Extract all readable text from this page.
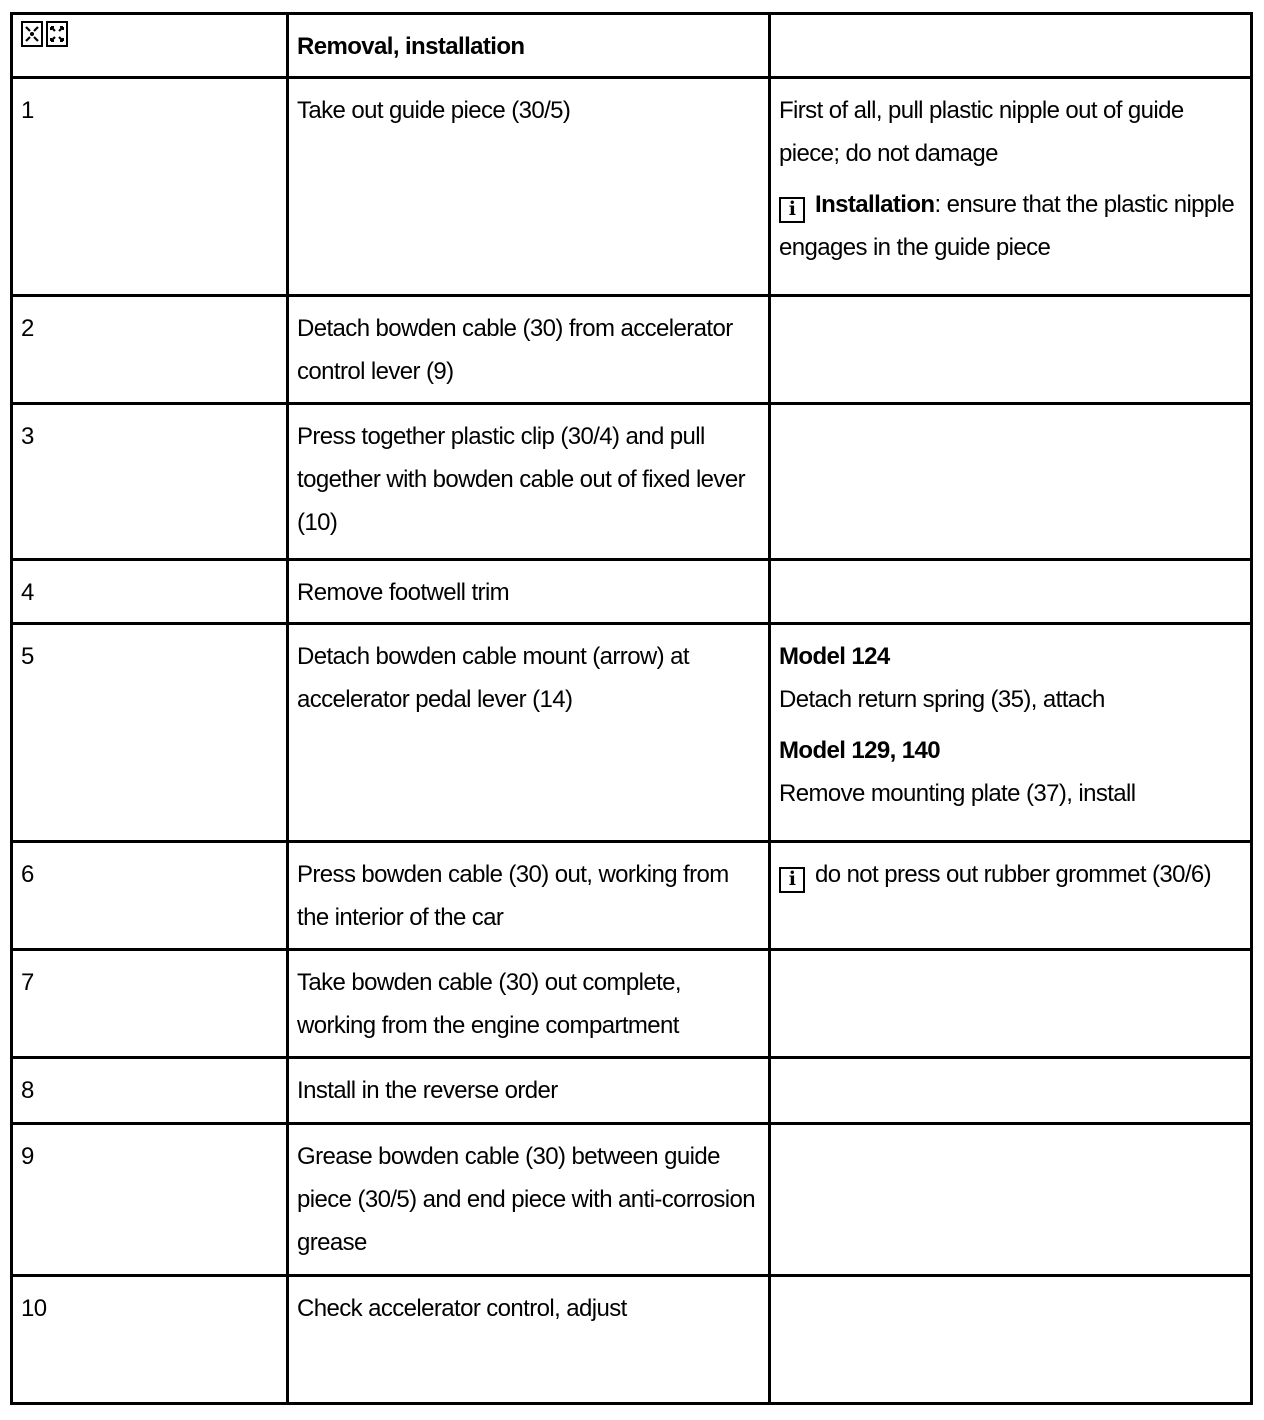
	Removal, installation	
1	Take out guide piece (30/5)	First of all, pull plastic nipple out of guide piece; do not damage
i Installation: ensure that the plastic nipple engages in the guide piece

2	Detach bowden cable (30) from accelerator control lever (9)	
3	Press together plastic clip (30/4) and pull together with bowden cable out of fixed lever (10)	
4	Remove footwell trim	
5	Detach bowden cable mount (arrow) at accelerator pedal lever (14)	Model 124
Detach return spring (35), attach
Model 129, 140
Remove mounting plate (37), install

6	Press bowden cable (30) out, working from the interior of the car	i do not press out rubber grommet (30/6)
7	Take bowden cable (30) out complete, working from the engine compartment	
8	Install in the reverse order	
9	Grease bowden cable (30) between guide piece (30/5) and end piece with anti-corrosion grease	
10	Check accelerator control, adjust	
